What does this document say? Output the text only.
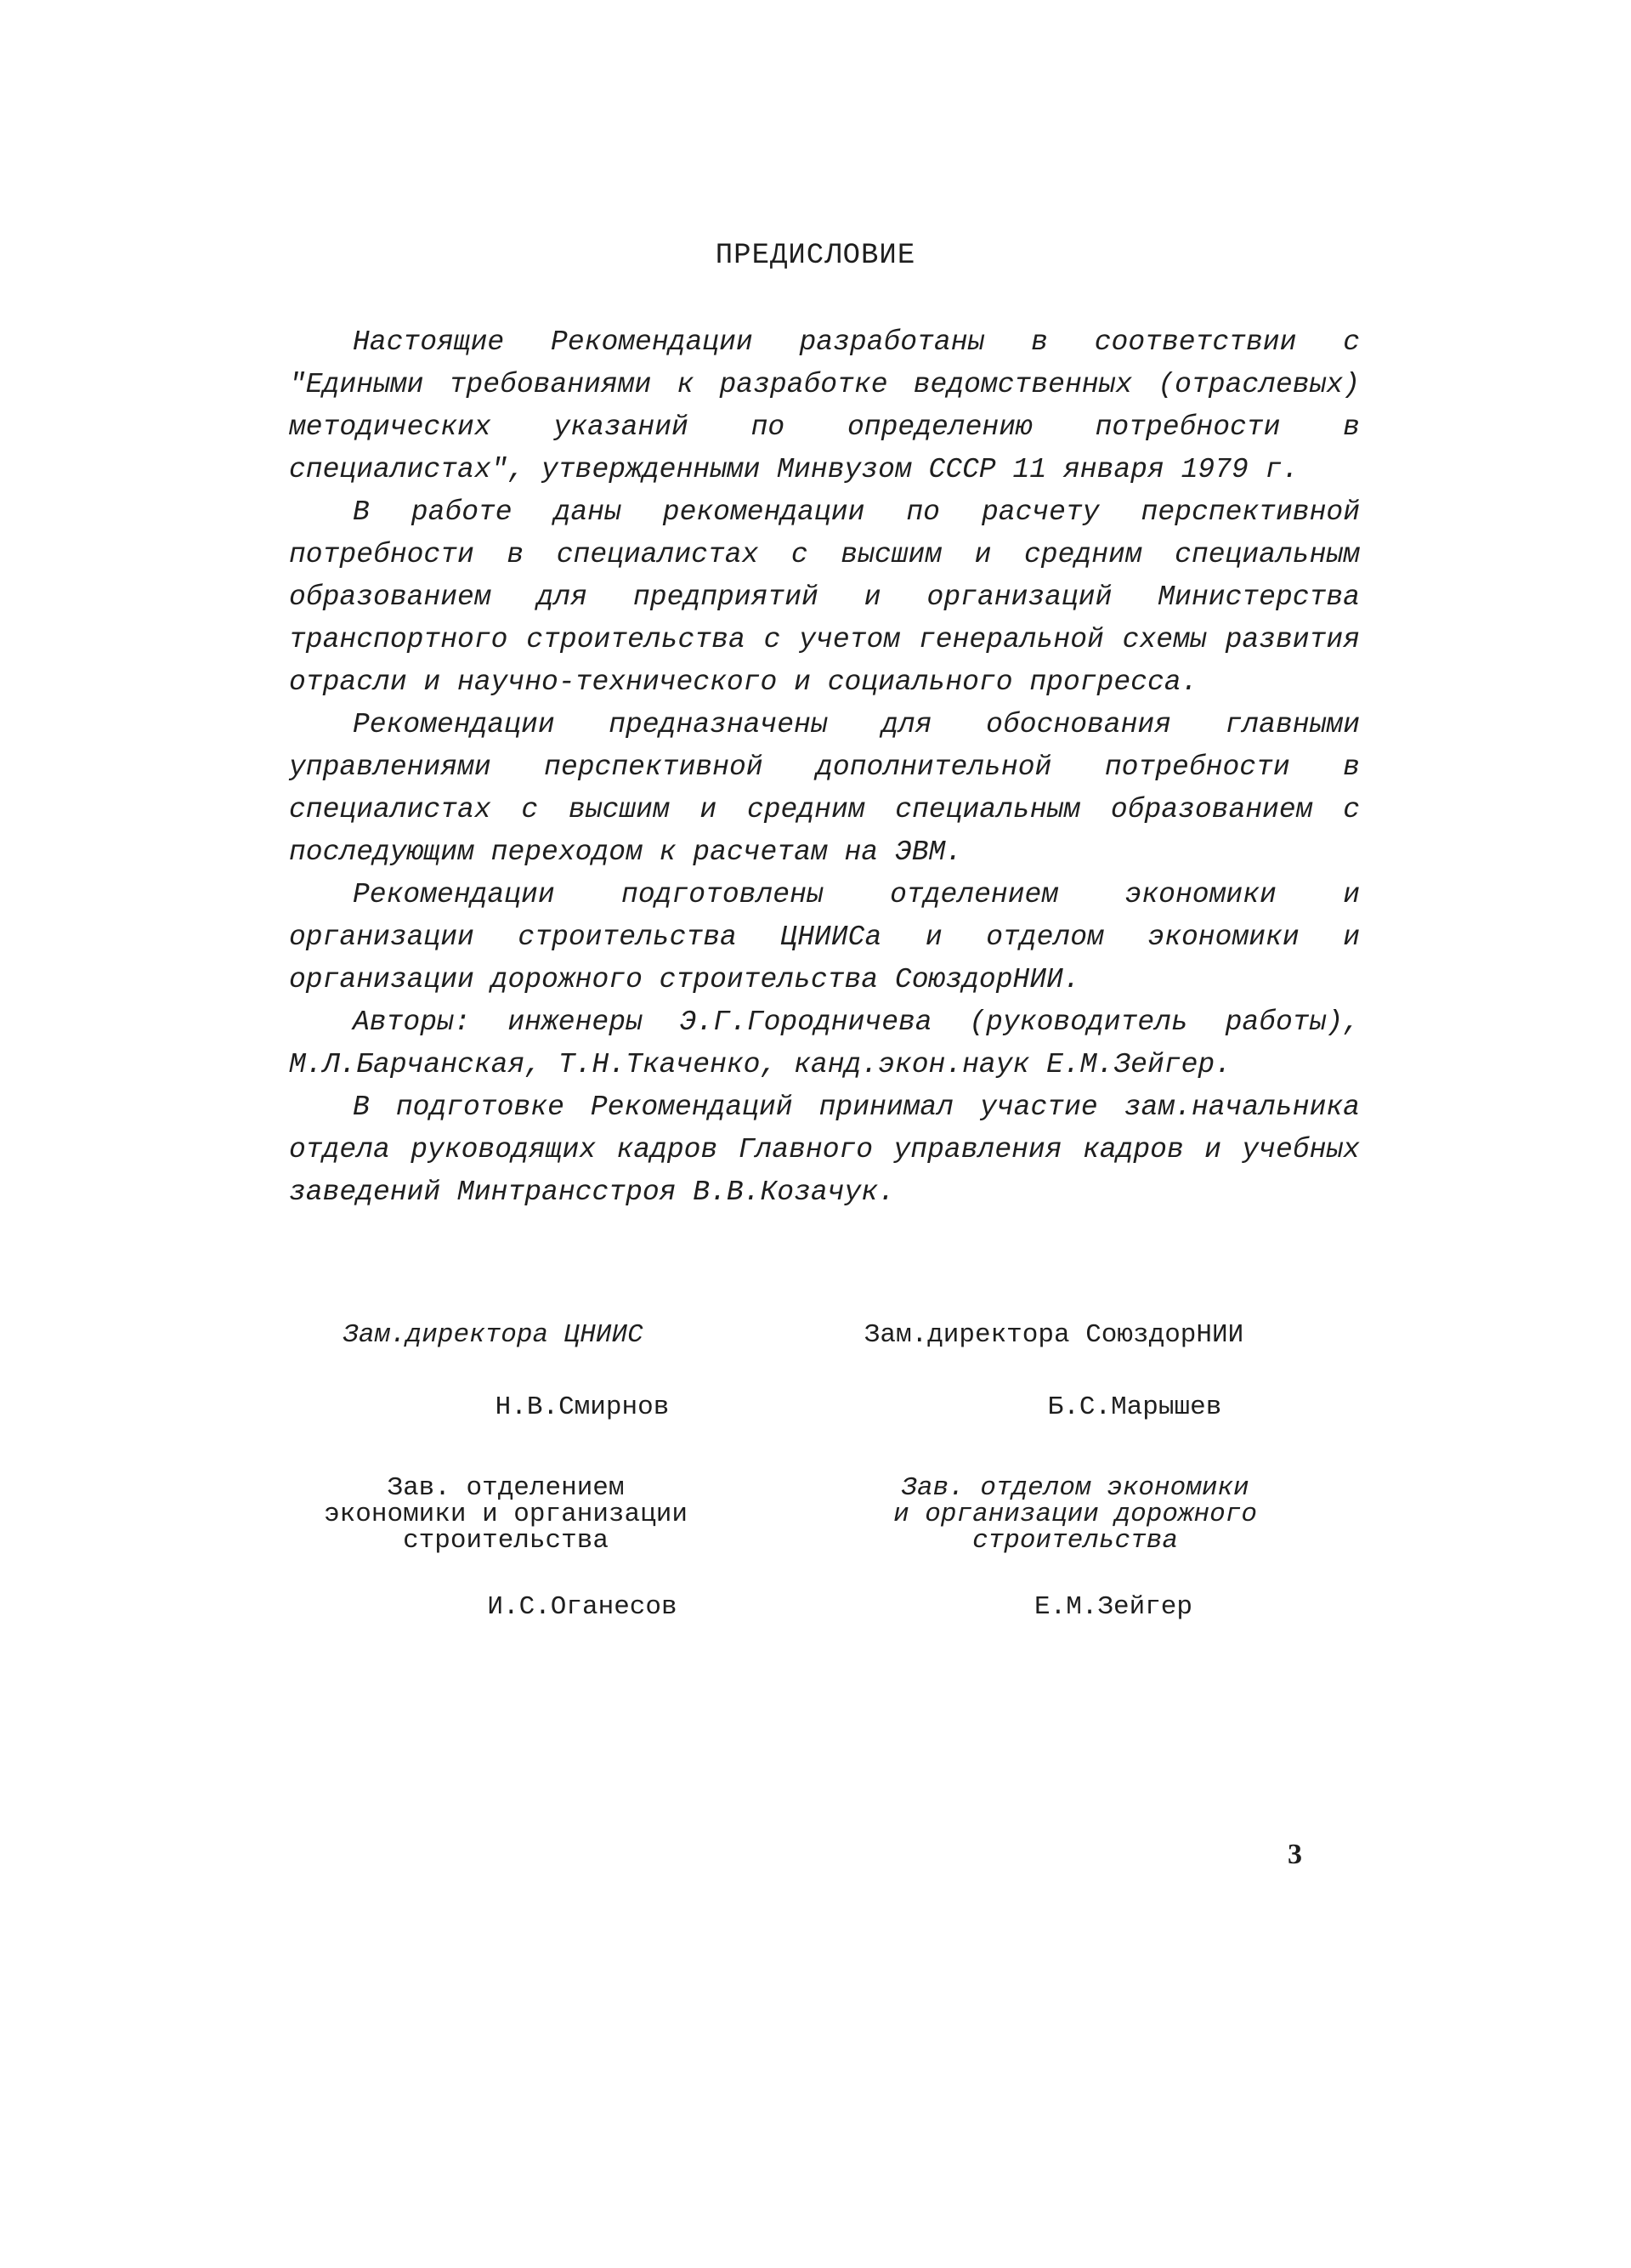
ПРЕДИСЛОВИЕ

Настоящие Рекомендации разработаны в соответствии с "Едиными требованиями к разработке ведомственных (отраслевых) методических указаний по определению потребности в специалистах", утвержденными Минвузом СССР 11 января 1979 г.

В работе даны рекомендации по расчету перспективной потребности в специалистах с высшим и средним специальным образованием для предприятий и организаций Министерства транспортного строительства с учетом генеральной схемы развития отрасли и научно-технического и социального прогресса.

Рекомендации предназначены для обоснования главными управлениями перспективной дополнительной потребности в специалистах с высшим и средним специальным образованием с последующим переходом к расчетам на ЭВМ.

Рекомендации подготовлены отделением экономики и организации строительства ЦНИИСа и отделом экономики и организации дорожного строительства СоюздорНИИ.

Авторы: инженеры Э.Г.Городничева (руководитель работы), М.Л.Барчанская, Т.Н.Ткаченко, канд.экон.наук Е.М.Зейгер.

В подготовке Рекомендаций принимал участие зам.начальника отдела руководящих кадров Главного управления кадров и учебных заведений Минтрансстроя В.В.Козачук.

Зам.директора ЦНИИС
Н.В.Смирнов
Зам.директора СоюздорНИИ
Б.С.Марышев
Зав. отделением
экономики и организации
строительства
И.С.Оганесов
Зав. отделом экономики
и организации дорожного
строительства
Е.М.Зейгер
3
